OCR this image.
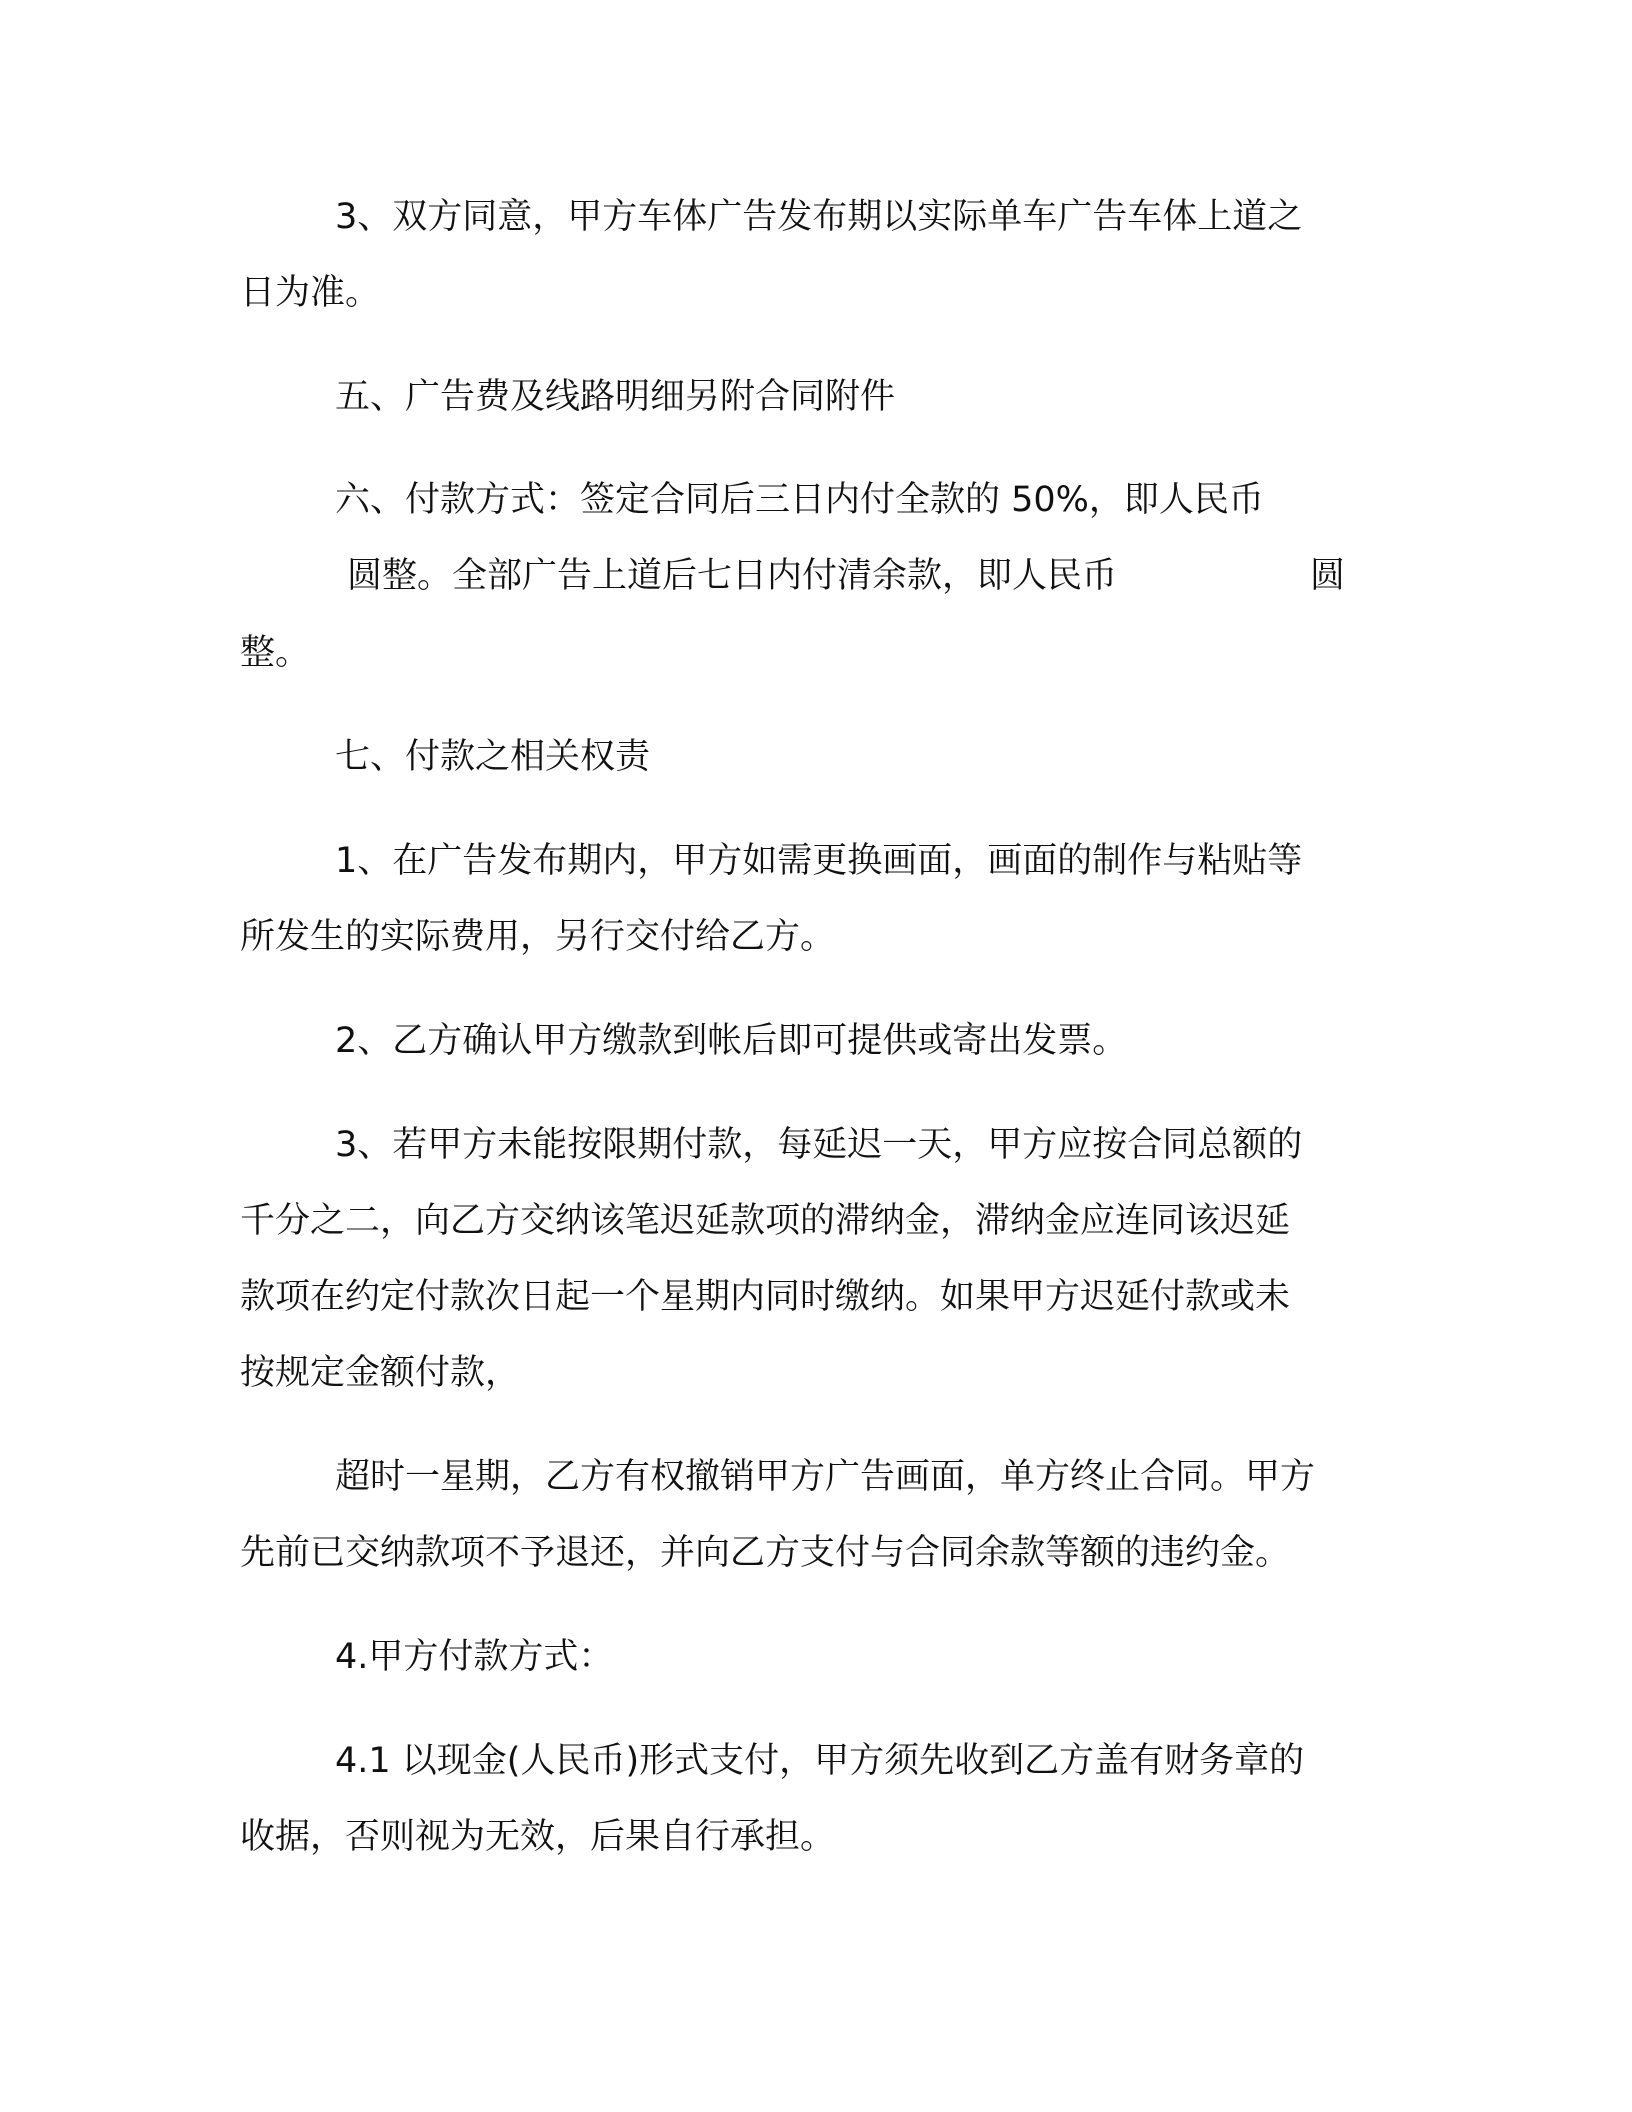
3、双方同意，甲方车体广告发布期以实际单车广告车体上道之
日为准。
五、广告费及线路明细另附合同附件
六、付款方式：签定合同后三日内付全款的 50%，即人民币
圆整。全部广告上道后七日内付清余款，即人民币	圆
整。
七、付款之相关权责
1、在广告发布期内，甲方如需更换画面，画面的制作与粘贴等
所发生的实际费用，另行交付给乙方。
2、乙方确认甲方缴款到帐后即可提供或寄出发票。
3、若甲方未能按限期付款，每延迟一天，甲方应按合同总额的
千分之二，向乙方交纳该笔迟延款项的滞纳金，滞纳金应连同该迟延
款项在约定付款次日起一个星期内同时缴纳。如果甲方迟延付款或未
按规定金额付款，
超时一星期，乙方有权撤销甲方广告画面，单方终止合同。甲方
先前已交纳款项不予退还，并向乙方支付与合同余款等额的违约金。
4.甲方付款方式：
4.1 以现金(人民币)形式支付，甲方须先收到乙方盖有财务章的
收据，否则视为无效，后果自行承担。
